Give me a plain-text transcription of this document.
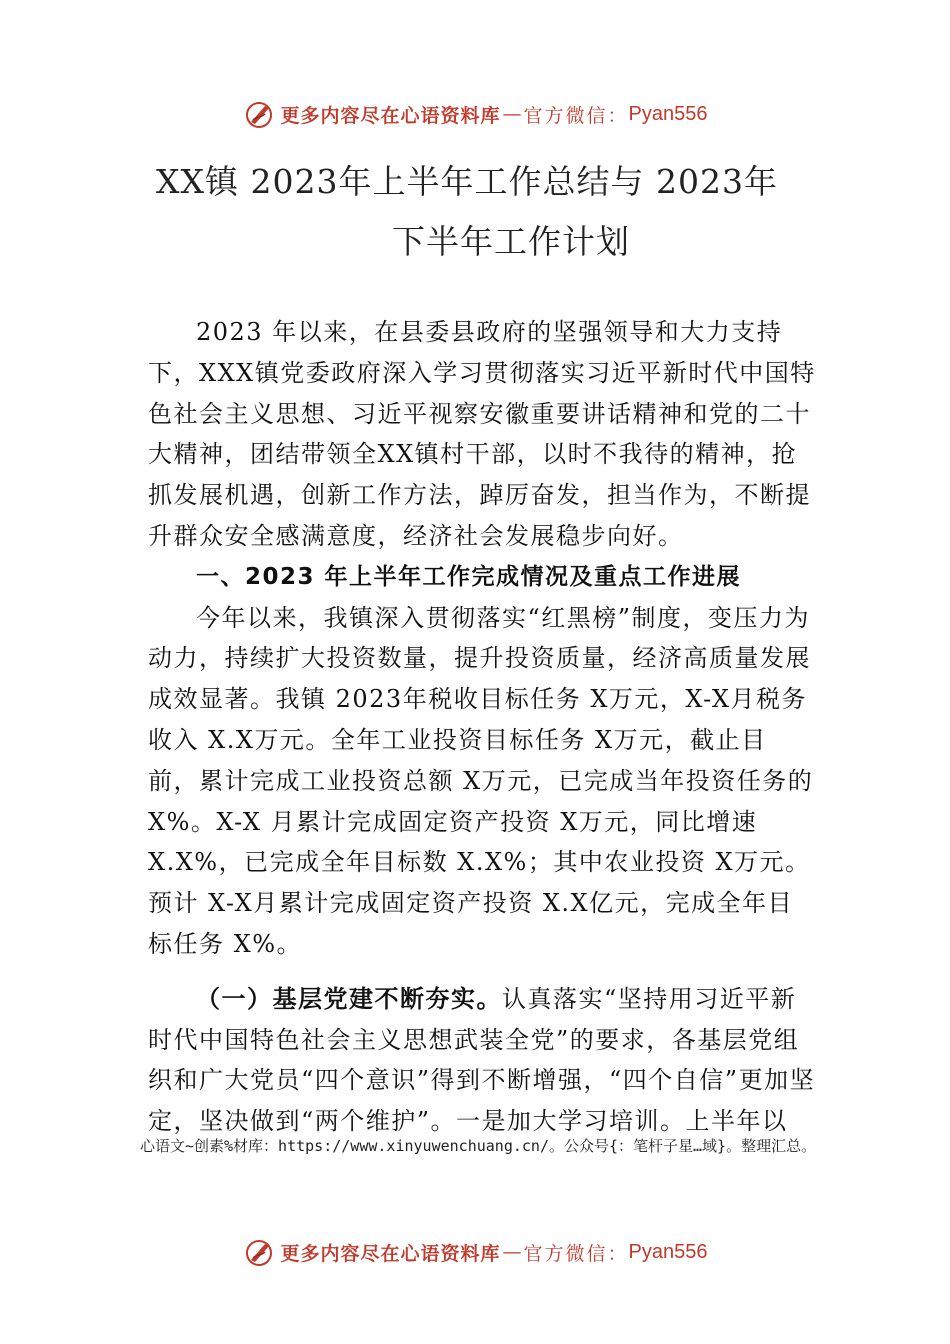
更多内容尽在心语资料库 — 官方微信： Pyan556
XX镇 2023年上半年工作总结与 2023年
下半年工作计划

2023 年以来，在县委县政府的坚强领导和大力支持下，XXX镇党委政府深入学习贯彻落实习近平新时代中国特色社会主义思想、习近平视察安徽重要讲话精神和党的二十大精神，团结带领全XX镇村干部，以时不我待的精神，抢抓发展机遇，创新工作方法，踔厉奋发，担当作为，不断提升群众安全感满意度，经济社会发展稳步向好。

一、2023 年上半年工作完成情况及重点工作进展

今年以来，我镇深入贯彻落实“红黑榜”制度，变压力为动力，持续扩大投资数量，提升投资质量，经济高质量发展成效显著。我镇 2023年税收目标任务 X万元，X-X月税务收入 X.X万元。全年工业投资目标任务 X万元，截止目前，累计完成工业投资总额 X万元，已完成当年投资任务的 X%。X-X 月累计完成固定资产投资 X万元，同比增速 X.X%，已完成全年目标数 X.X%；其中农业投资 X万元。预计 X-X月累计完成固定资产投资 X.X亿元，完成全年目标任务 X%。

（一）基层党建不断夯实。认真落实“坚持用习近平新时代中国特色社会主义思想武装全党”的要求，各基层党组织和广大党员“四个意识”得到不断增强，“四个自信”更加坚定，坚决做到“两个维护”。一是加大学习培训。上半年以

心语文~创素%材库：https://www.xinyuwenchuang.cn/。公众号{：笔杆子星…域}。整理汇总。
更多内容尽在心语资料库 — 官方微信： Pyan556
